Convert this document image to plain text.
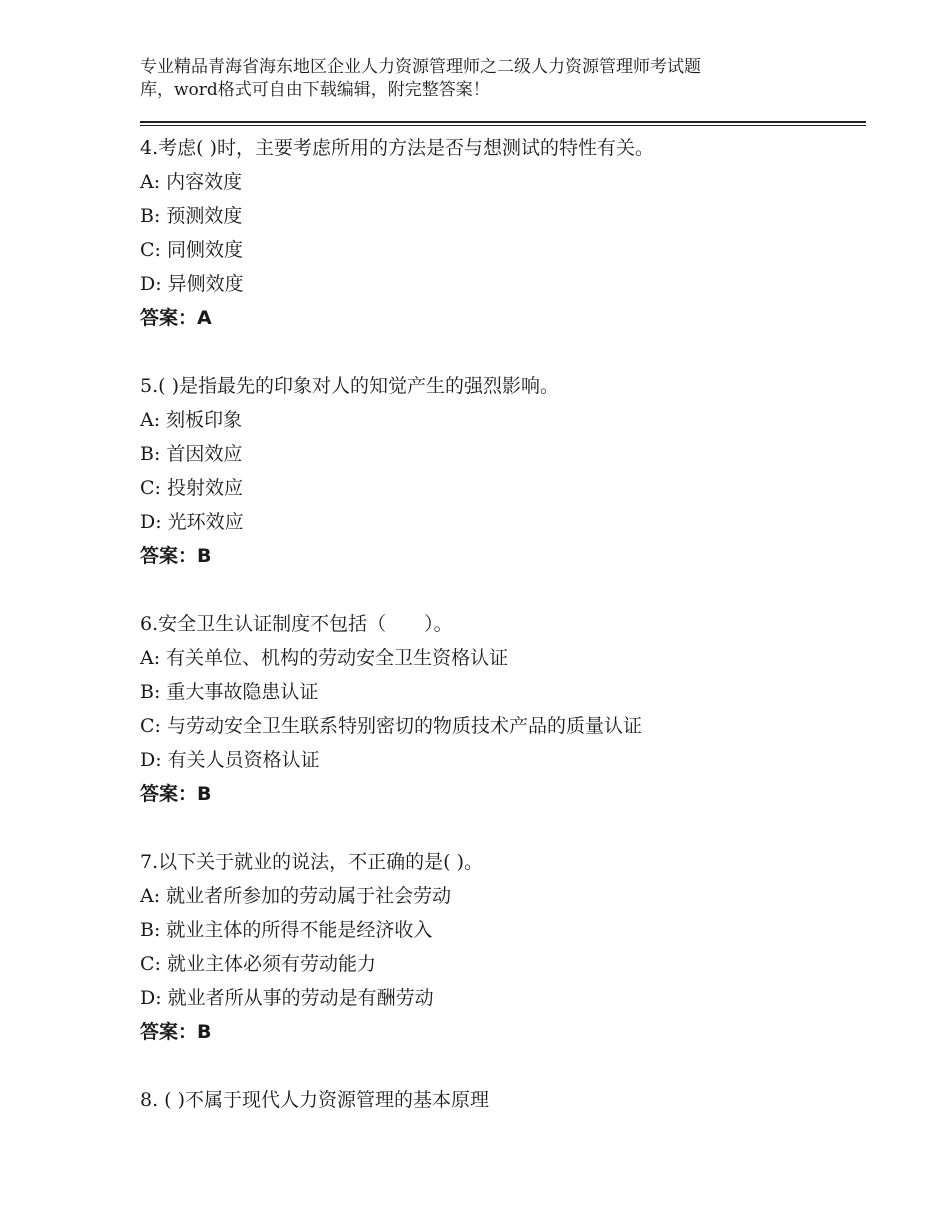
专业精品青海省海东地区企业人力资源管理师之二级人力资源管理师考试题
库，word格式可自由下载编辑，附完整答案！
4.考虑( )时，主要考虑所用的方法是否与想测试的特性有关。
A: 内容效度
B: 预测效度
C: 同侧效度
D: 异侧效度
答案：A
5.( )是指最先的印象对人的知觉产生的强烈影响。
A: 刻板印象
B: 首因效应
C: 投射效应
D: 光环效应
答案：B
6.安全卫生认证制度不包括（　　）。
A: 有关单位、机构的劳动安全卫生资格认证
B: 重大事故隐患认证
C: 与劳动安全卫生联系特别密切的物质技术产品的质量认证
D: 有关人员资格认证
答案：B
7.以下关于就业的说法，不正确的是( )。
A: 就业者所参加的劳动属于社会劳动
B: 就业主体的所得不能是经济收入
C: 就业主体必须有劳动能力
D: 就业者所从事的劳动是有酬劳动
答案：B
8. ( )不属于现代人力资源管理的基本原理
